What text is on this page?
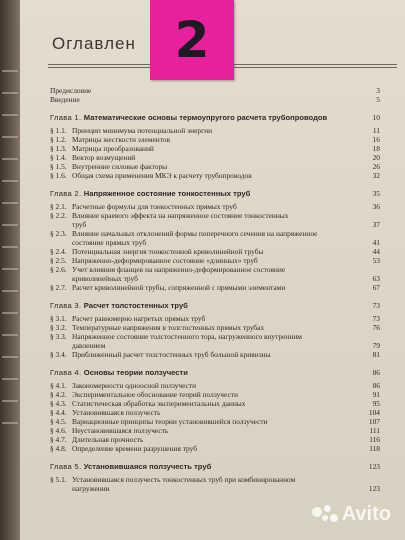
Оглавлен 2
Предисловие	3
Введение	5
Глава 1. Математические основы термоупругого расчета трубопроводов	10
§ 1.1. Принцип минимума потенциальной энергии	11
§ 1.2. Матрицы жесткости элементов	16
§ 1.3. Матрицы преобразований	18
§ 1.4. Вектор возмущений	20
§ 1.5. Внутренние силовые факторы	26
§ 1.6. Общая схема применения МКЭ к расчету трубопроводов	32
Глава 2. Напряженное состояние тонкостенных труб	35
§ 2.1. Расчетные формулы для тонкостенных прямых труб	36
§ 2.2. Влияние краевого эффекта на напряженное состояние тонкостенных
труб	37
§ 2.3. Влияние начальных отклонений формы поперечного сечения на напряженное
состояние прямых труб	41
§ 2.4. Потенциальная энергия тонкостенной криволинейной трубы	44
§ 2.5. Напряженно-деформированное состояние «длинных» труб	53
§ 2.6. Учет влияния фланцев на напряженно-деформированное состояние
криволинейных труб	63
§ 2.7. Расчет криволинейной трубы, сопряженной с прямыми элементами	67
Глава 3. Расчет толстостенных труб	73
§ 3.1. Расчет равномерно нагретых прямых труб	73
§ 3.2. Температурные напряжения в толстостенных прямых трубах	76
§ 3.3. Напряженное состояние толстостенного тора, нагруженного внутренним
давлением	79
§ 3.4. Приближенный расчет толстостенных труб большой кривизны	81
Глава 4. Основы теории ползучести	86
§ 4.1. Закономерности одноосной ползучести	86
§ 4.2. Экспериментальное обоснование теорий ползучести	91
§ 4.3. Статистическая обработка экспериментальных данных	95
§ 4.4. Установившаяся ползучесть	104
§ 4.5. Вариационные принципы теории установившейся ползучести	107
§ 4.6. Неустановившаяся ползучесть	111
§ 4.7. Длительная прочность	116
§ 4.8. Определение времени разрушения труб	118
Глава 5. Установившаяся ползучесть труб	123
§ 5.1. Установившаяся ползучесть тонкостенных труб при комбинированном
нагружении	123
Avito
